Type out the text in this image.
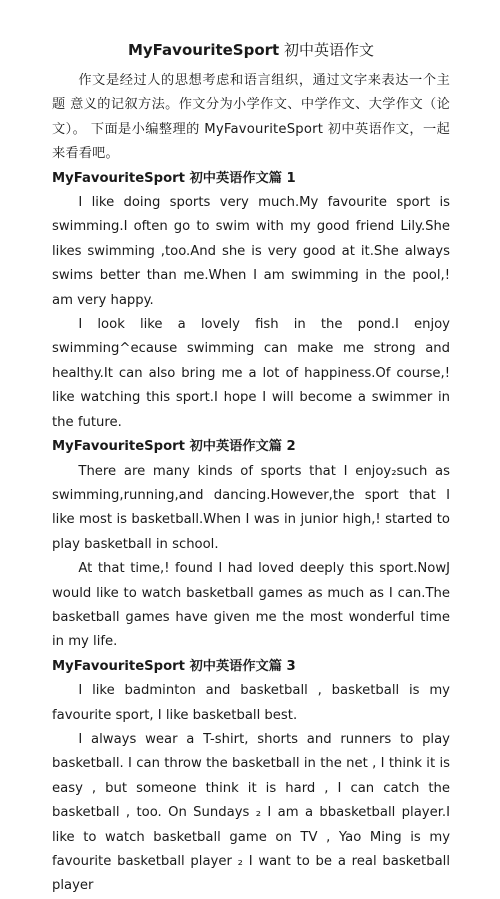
MyFavouriteSport 初中英语作文

作文是经过人的思想考虑和语言组织，通过文字来表达一个主题 意义的记叙方法。作文分为小学作文、中学作文、大学作文（论文）。 下面是小编整理的 MyFavouriteSport 初中英语作文，一起来看看吧。

MyFavouriteSport 初中英语作文篇 1

I like doing sports very much.My favourite sport is swimming.I often go to swim with my good friend Lily.She likes swimming ,too.And she is very good at it.She always swims better than me.When I am swimming in the pool,! am very happy.

I look like a lovely fish in the pond.I enjoy swimming^ecause swimming can make me strong and healthy.It can also bring me a lot of happiness.Of course,! like watching this sport.I hope I will become a swimmer in the future.

MyFavouriteSport 初中英语作文篇 2

There are many kinds of sports that I enjoy₂such as swimming,running,and dancing.However,the sport that I like most is basketball.When I was in junior high,! started to play basketball in school.

At that time,! found I had loved deeply this sport.NowJ would like to watch basketball games as much as I can.The basketball games have given me the most wonderful time in my life.

MyFavouriteSport 初中英语作文篇 3

I like badminton and basketball , basketball is my favourite sport, I like basketball best.

I always wear a T-shirt, shorts and runners to play basketball. I can throw the basketball in the net , I think it is easy , but someone think it is hard , I can catch the basketball , too. On Sundays ₂ I am a bbasketball player.I like to watch basketball game on TV , Yao Ming is my favourite basketball player ₂ I want to be a real basketball player
